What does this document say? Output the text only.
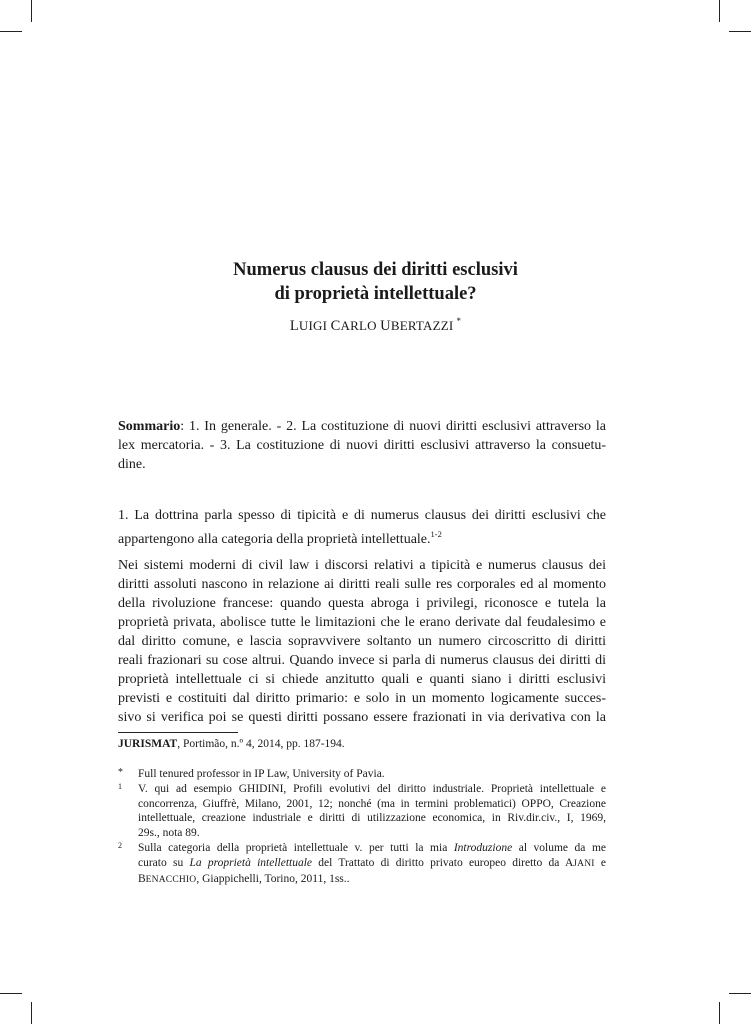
Numerus clausus dei diritti esclusivi
di proprietà intellettuale?
LUIGI CARLO UBERTAZZI *

Sommario: 1. In generale. - 2. La costituzione di nuovi diritti esclusivi attraverso la

lex mercatoria. - 3. La costituzione di nuovi diritti esclusivi attraverso la consuetu-

dine.

1. La dottrina parla spesso di tipicità e di numerus clausus dei diritti esclusivi che

appartengono alla categoria della proprietà intellettuale.$^{1-2}$

Nei sistemi moderni di civil law i discorsi relativi a tipicità e numerus clausus dei

diritti assoluti nascono in relazione ai diritti reali sulle res corporales ed al momento

della rivoluzione francese: quando questa abroga i privilegi, riconosce e tutela la

proprietà privata, abolisce tutte le limitazioni che le erano derivate dal feudalesimo e

dal diritto comune, e lascia sopravvivere soltanto un numero circoscritto di diritti

reali frazionari su cose altrui. Quando invece si parla di numerus clausus dei diritti di

proprietà intellettuale ci si chiede anzitutto quali e quanti siano i diritti esclusivi

previsti e costituiti dal diritto primario: e solo in un momento logicamente succes-

sivo si verifica poi se questi diritti possano essere frazionati in via derivativa con la

JURISMAT, Portimão, n.º 4, 2014, pp. 187-194.

* Full tenured professor in IP Law, University of Pavia.

1 V. qui ad esempio GHIDINI, Profili evolutivi del diritto industriale. Proprietà intellettuale e
concorrenza, Giuffrè, Milano, 2001, 12; nonché (ma in termini problematici) OPPO, Creazione
intellettuale, creazione industriale e diritti di utilizzazione economica, in Riv.dir.civ., I, 1969,
29s., nota 89.
2 Sulla categoria della proprietà intellettuale v. per tutti la mia Introduzione al volume da me
curato su La proprietà intellettuale del Trattato di diritto privato europeo diretto da AJANI e
BENACCHIO, Giappichelli, Torino, 2011, 1ss..
